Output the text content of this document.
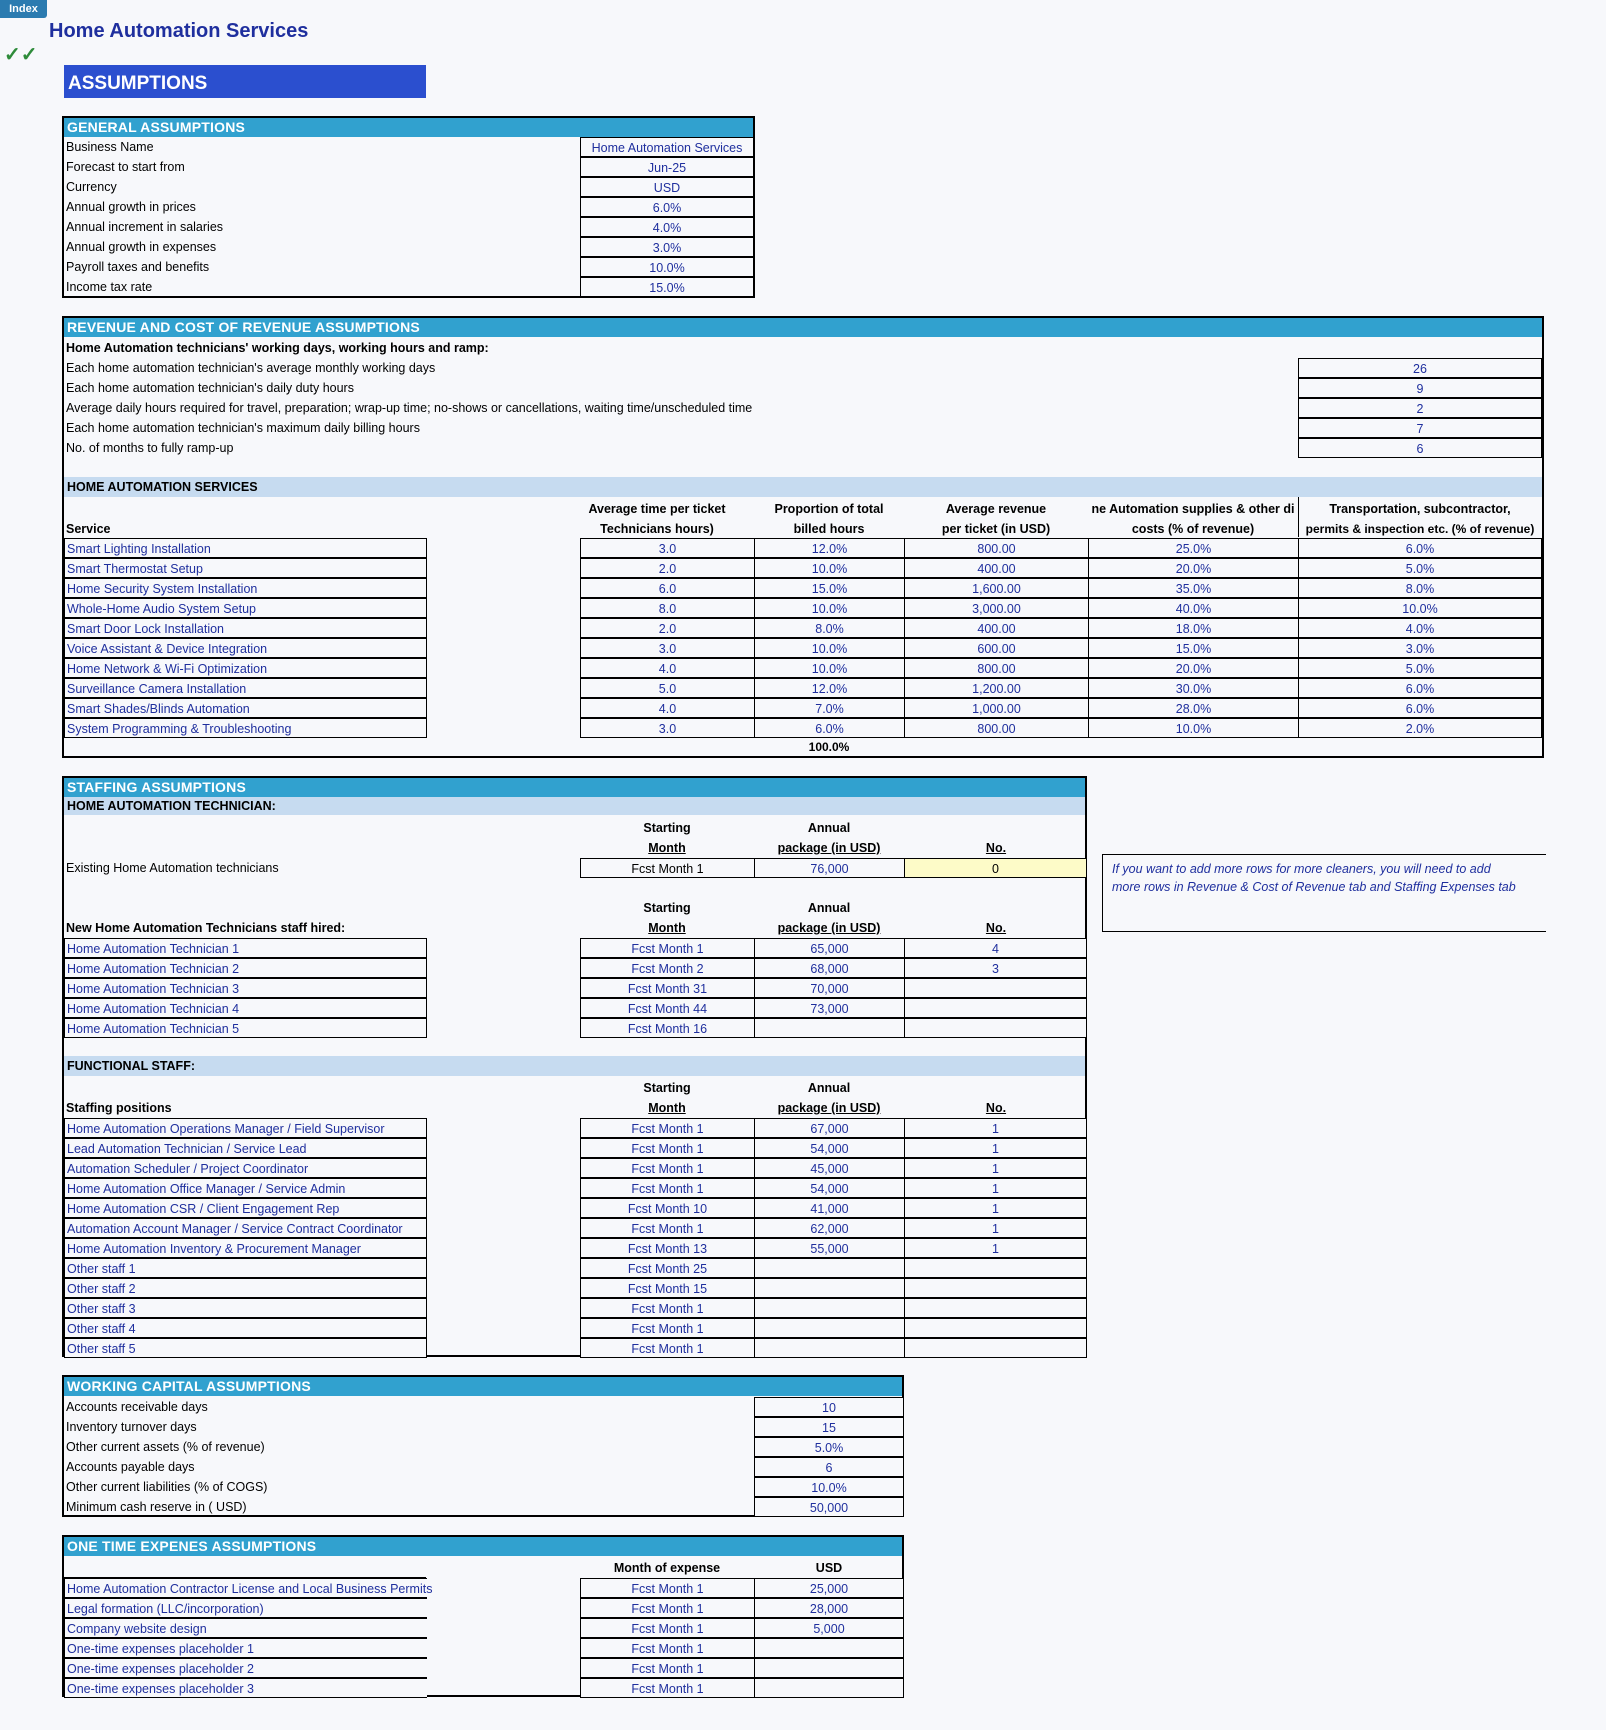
Index
✓✓
Home Automation Services
ASSUMPTIONS
GENERAL ASSUMPTIONS
Business Name	Home Automation Services
Forecast to start from	Jun-25
Currency	USD
Annual growth in prices	6.0%
Annual increment in salaries	4.0%
Annual growth in expenses	3.0%
Payroll taxes and benefits	10.0%
Income tax rate	15.0%
REVENUE AND COST OF REVENUE ASSUMPTIONS
Home Automation technicians' working days, working hours and ramp:
Each home automation technician's average monthly working days	26
Each home automation technician's daily duty hours	9
Average daily hours required for travel, preparation; wrap-up time; no-shows or cancellations, waiting time/unscheduled time	2
Each home automation technician's maximum daily billing hours	7
No. of months to fully ramp-up	6
HOME AUTOMATION SERVICES
Average time per ticket
Technicians hours)
Proportion of total
billed hours
Average revenue
per ticket (in USD)
ne Automation supplies & other di
costs (% of revenue)
Transportation, subcontractor,
permits & inspection etc. (% of revenue)
Service
Smart Lighting Installation	3.0	12.0%	800.00	25.0%	6.0%
Smart Thermostat Setup	2.0	10.0%	400.00	20.0%	5.0%
Home Security System Installation	6.0	15.0%	1,600.00	35.0%	8.0%
Whole-Home Audio System Setup	8.0	10.0%	3,000.00	40.0%	10.0%
Smart Door Lock Installation	2.0	8.0%	400.00	18.0%	4.0%
Voice Assistant & Device Integration	3.0	10.0%	600.00	15.0%	3.0%
Home Network & Wi-Fi Optimization	4.0	10.0%	800.00	20.0%	5.0%
Surveillance Camera Installation	5.0	12.0%	1,200.00	30.0%	6.0%
Smart Shades/Blinds Automation	4.0	7.0%	1,000.00	28.0%	6.0%
System Programming & Troubleshooting	3.0	6.0%	800.00	10.0%	2.0%
100.0%
STAFFING ASSUMPTIONS
HOME AUTOMATION TECHNICIAN:
Starting
Month
Annual
package (in USD)	No.
Existing Home Automation technicians	Fcst Month 1	76,000	0	If you want to add more rows for more cleaners, you will need to add
more rows in Revenue & Cost of Revenue tab and Staffing Expenses tab
Starting
Month
Annual
package (in USD)	No.
New Home Automation Technicians staff hired:
Home Automation Technician 1	Fcst Month 1	65,000	4
Home Automation Technician 2	Fcst Month 2	68,000	3
Home Automation Technician 3	Fcst Month 31	70,000
Home Automation Technician 4	Fcst Month 44	73,000
Home Automation Technician 5	Fcst Month 16
FUNCTIONAL STAFF:
Starting
Month
Annual
package (in USD)	No.
Staffing positions
Home Automation Operations Manager / Field Supervisor	Fcst Month 1	67,000	1
Lead Automation Technician / Service Lead	Fcst Month 1	54,000	1
Automation Scheduler / Project Coordinator	Fcst Month 1	45,000	1
Home Automation Office Manager / Service Admin	Fcst Month 1	54,000	1
Home Automation CSR / Client Engagement Rep	Fcst Month 10	41,000	1
Automation Account Manager / Service Contract Coordinator	Fcst Month 1	62,000	1
Home Automation Inventory & Procurement Manager	Fcst Month 13	55,000	1
Other staff 1	Fcst Month 25
Other staff 2	Fcst Month 15
Other staff 3	Fcst Month 1
Other staff 4	Fcst Month 1
Other staff 5	Fcst Month 1
WORKING CAPITAL ASSUMPTIONS
Accounts receivable days	10
Inventory turnover days	15
Other current assets (% of revenue)	5.0%
Accounts payable days	6
Other current liabilities (% of COGS)	10.0%
Minimum cash reserve in ( USD)	50,000
ONE TIME EXPENES ASSUMPTIONS
Month of expense	USD
Home Automation Contractor License and Local Business Permits	Fcst Month 1	25,000
Legal formation (LLC/incorporation)	Fcst Month 1	28,000
Company website design	Fcst Month 1	5,000
One-time expenses placeholder 1	Fcst Month 1
One-time expenses placeholder 2	Fcst Month 1
One-time expenses placeholder 3	Fcst Month 1
